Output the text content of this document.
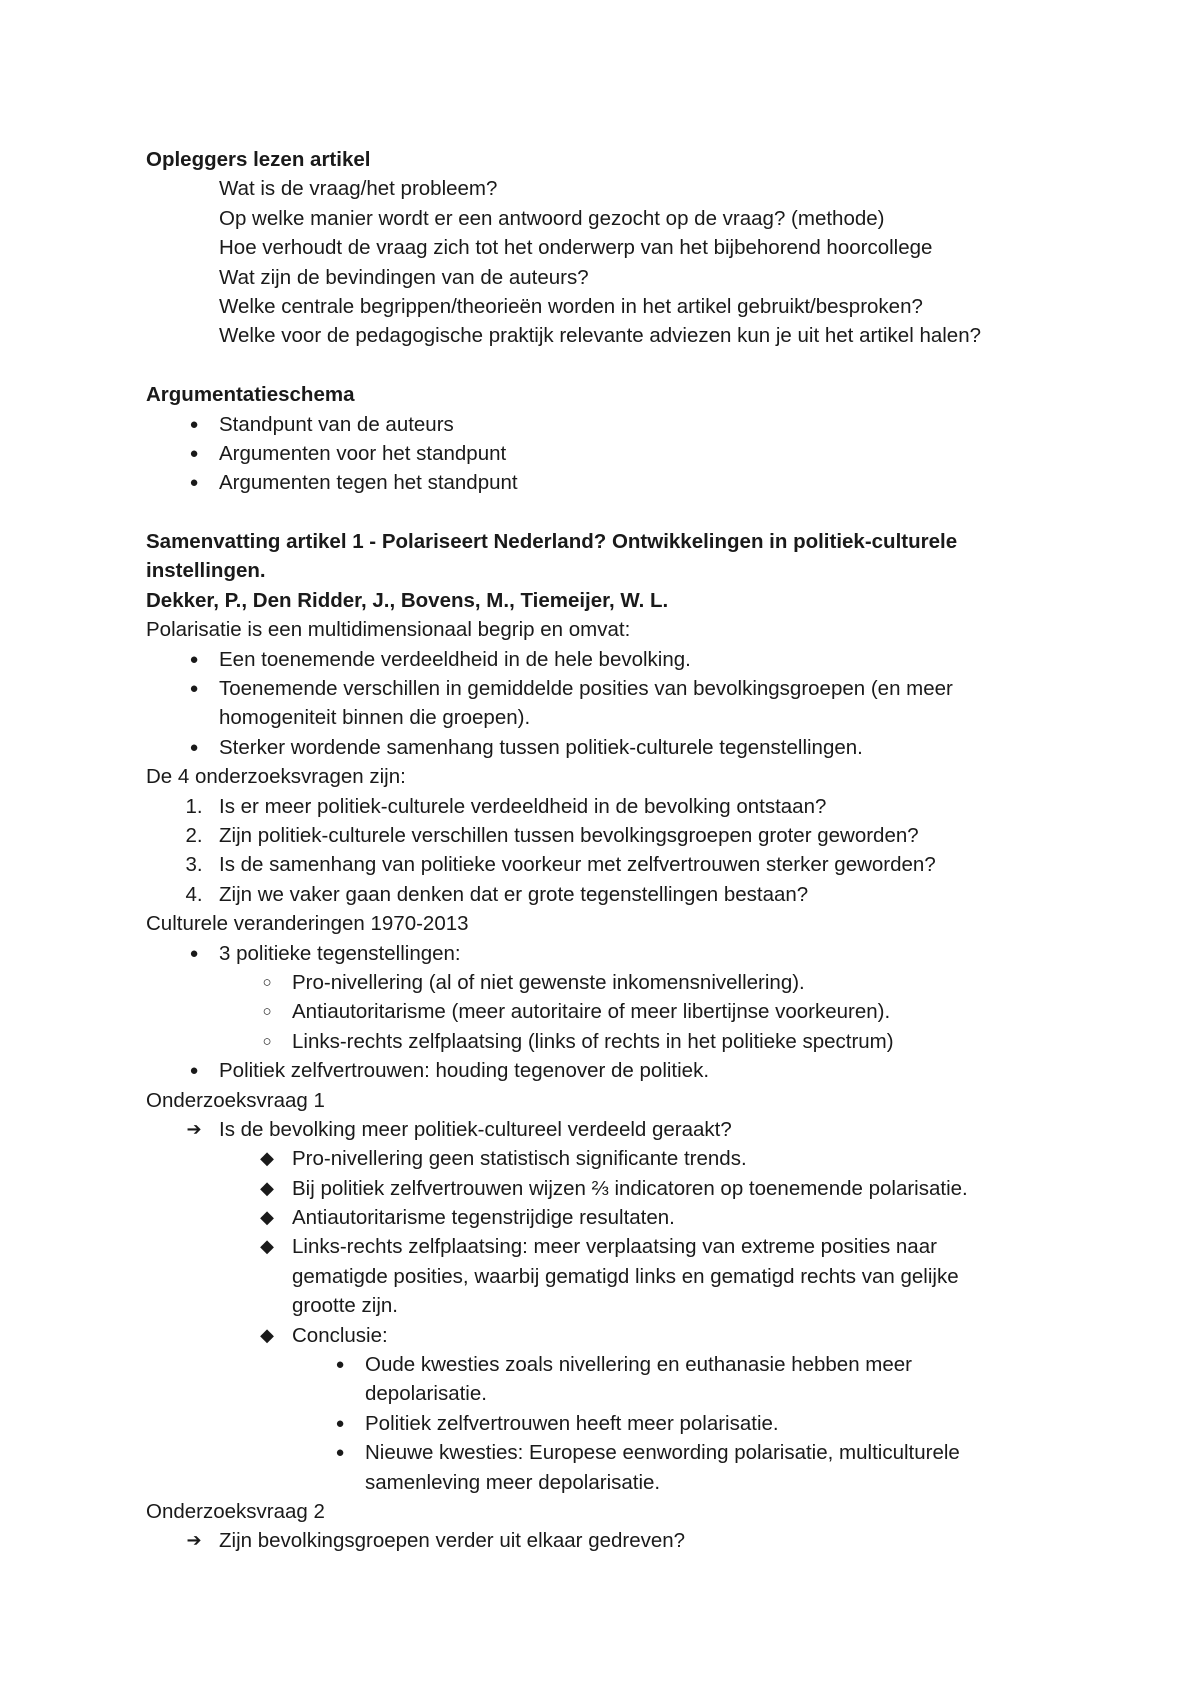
Opleggers lezen artikel
Wat is de vraag/het probleem?
Op welke manier wordt er een antwoord gezocht op de vraag? (methode)
Hoe verhoudt de vraag zich tot het onderwerp van het bijbehorend hoorcollege
Wat zijn de bevindingen van de auteurs?
Welke centrale begrippen/theorieën worden in het artikel gebruikt/besproken?
Welke voor de pedagogische praktijk relevante adviezen kun je uit het artikel halen?
Argumentatieschema
● Standpunt van de auteurs
● Argumenten voor het standpunt
● Argumenten tegen het standpunt
Samenvatting artikel 1 - Polariseert Nederland? Ontwikkelingen in politiek-culturele
instellingen.
Dekker, P., Den Ridder, J., Bovens, M., Tiemeijer, W. L.
Polarisatie is een multidimensionaal begrip en omvat:
● Een toenemende verdeeldheid in de hele bevolking.
● Toenemende verschillen in gemiddelde posities van bevolkingsgroepen (en meer
homogeniteit binnen die groepen).
● Sterker wordende samenhang tussen politiek-culturele tegenstellingen.
De 4 onderzoeksvragen zijn:
1. Is er meer politiek-culturele verdeeldheid in de bevolking ontstaan?
2. Zijn politiek-culturele verschillen tussen bevolkingsgroepen groter geworden?
3. Is de samenhang van politieke voorkeur met zelfvertrouwen sterker geworden?
4. Zijn we vaker gaan denken dat er grote tegenstellingen bestaan?
Culturele veranderingen 1970-2013
● 3 politieke tegenstellingen:
○ Pro-nivellering (al of niet gewenste inkomensnivellering).
○ Antiautoritarisme (meer autoritaire of meer libertijnse voorkeuren).
○ Links-rechts zelfplaatsing (links of rechts in het politieke spectrum)
● Politiek zelfvertrouwen: houding tegenover de politiek.
Onderzoeksvraag 1
➔ Is de bevolking meer politiek-cultureel verdeeld geraakt?
◆ Pro-nivellering geen statistisch significante trends.
◆ Bij politiek zelfvertrouwen wijzen ⅔ indicatoren op toenemende polarisatie.
◆ Antiautoritarisme tegenstrijdige resultaten.
◆ Links-rechts zelfplaatsing: meer verplaatsing van extreme posities naar
gematigde posities, waarbij gematigd links en gematigd rechts van gelijke
grootte zijn.
◆ Conclusie:
● Oude kwesties zoals nivellering en euthanasie hebben meer
depolarisatie.
● Politiek zelfvertrouwen heeft meer polarisatie.
● Nieuwe kwesties: Europese eenwording polarisatie, multiculturele
samenleving meer depolarisatie.
Onderzoeksvraag 2
➔ Zijn bevolkingsgroepen verder uit elkaar gedreven?
